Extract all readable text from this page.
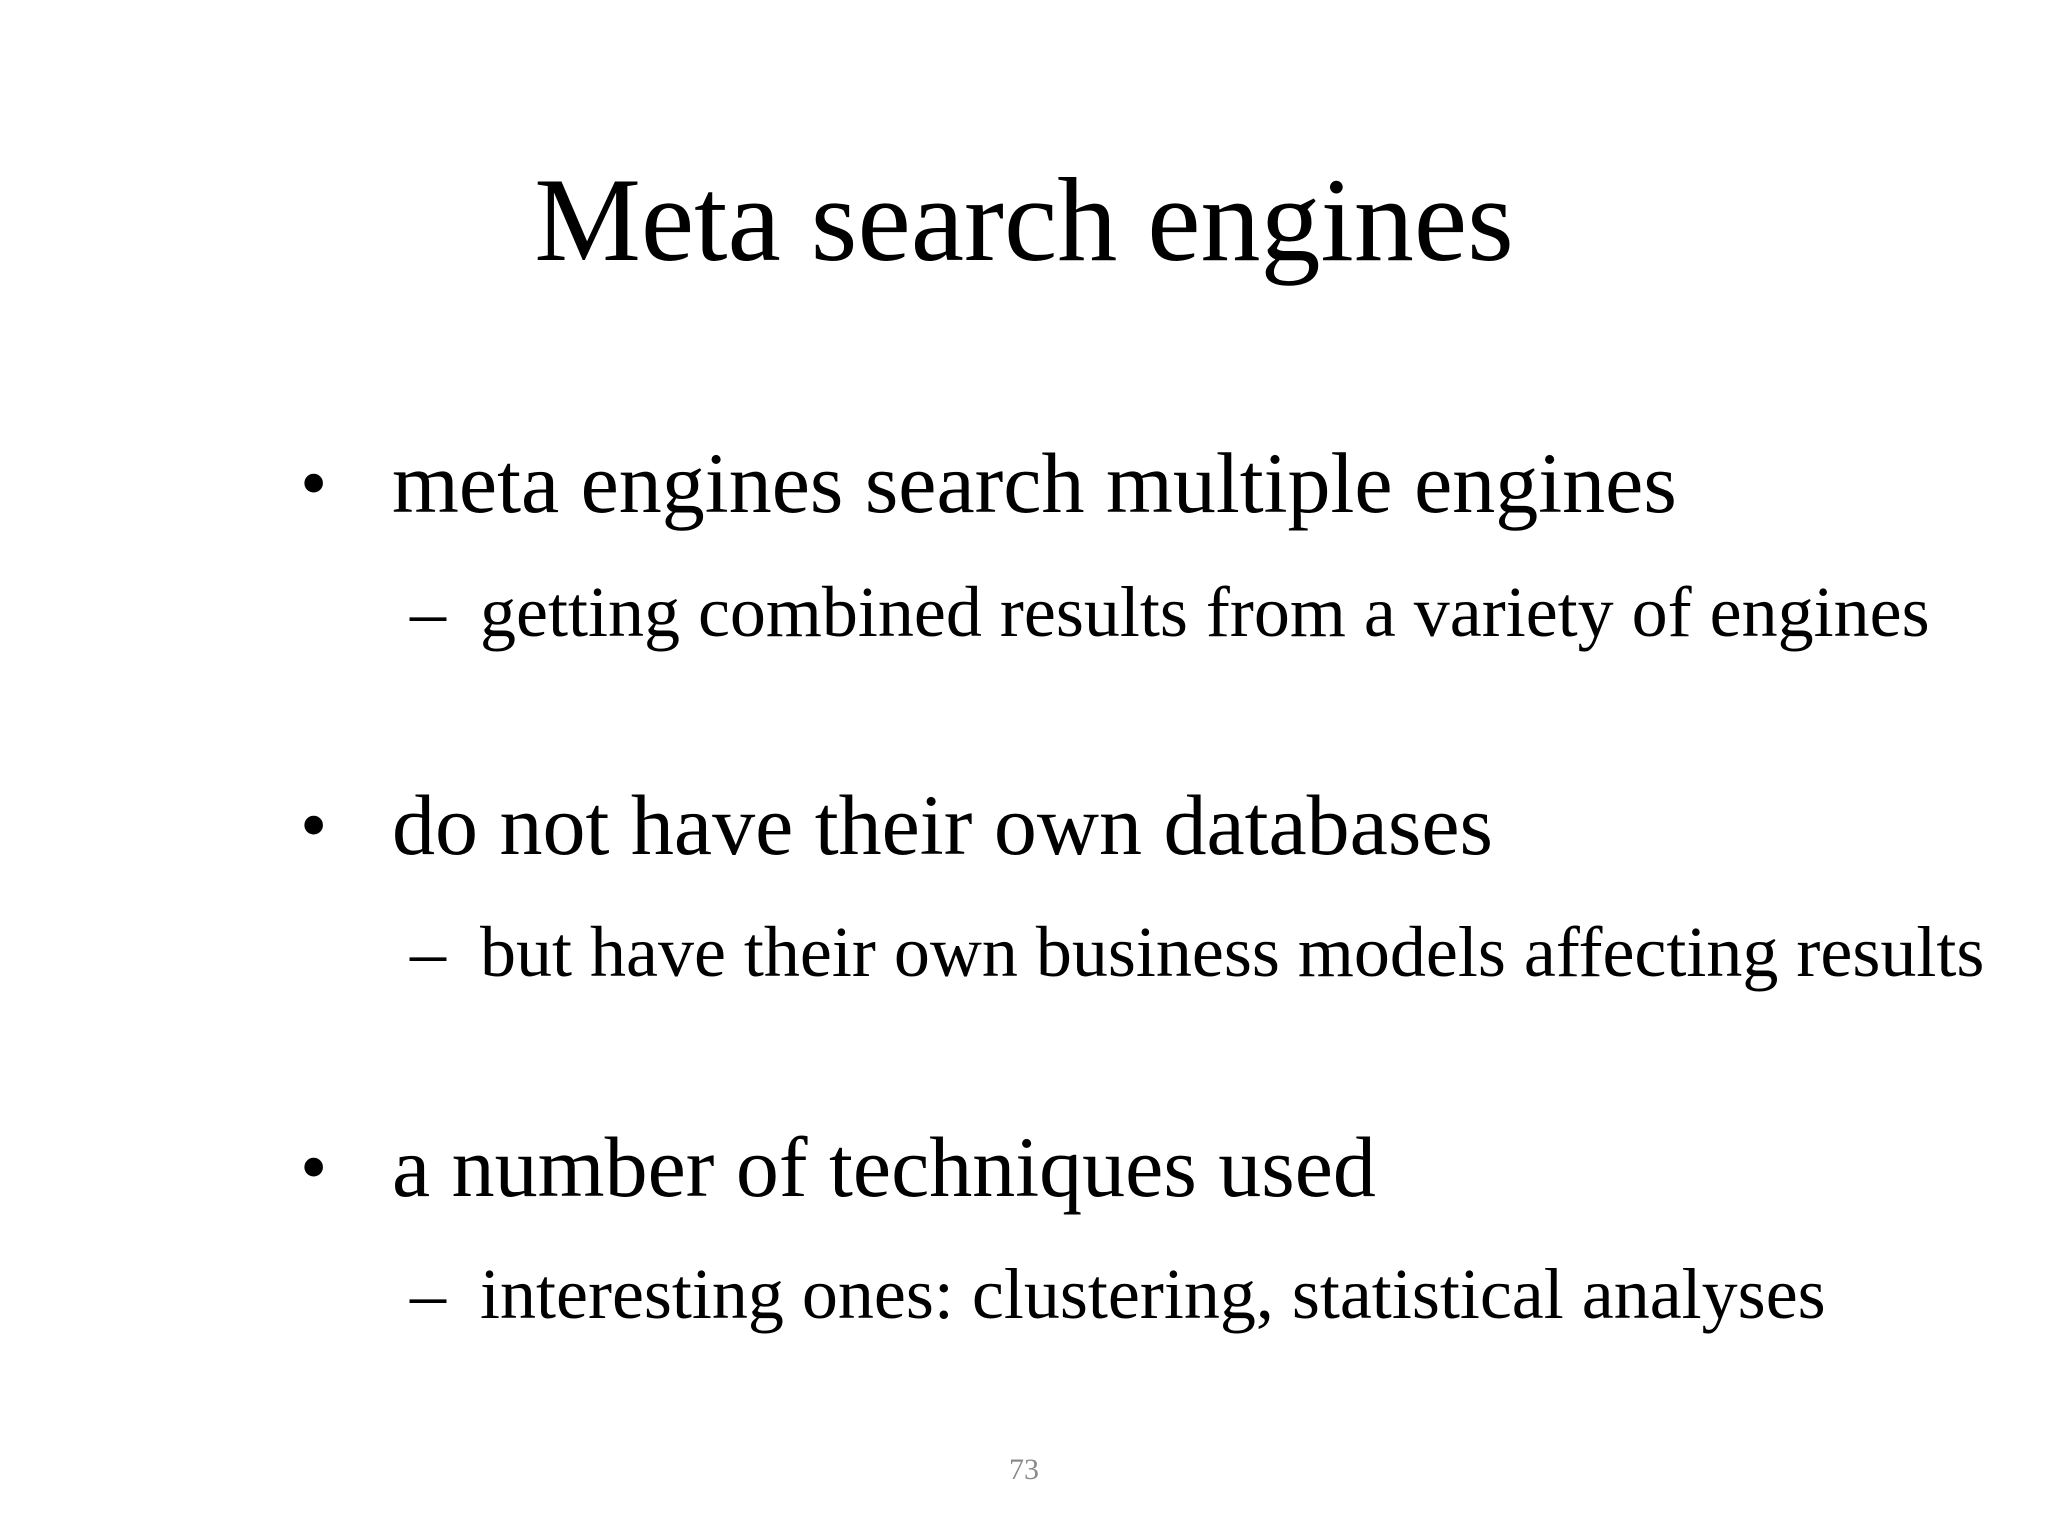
Meta search engines
• meta engines search multiple engines
– getting combined results from a variety of engines
• do not have their own databases
– but have their own business models affecting results
• a number of techniques used
– interesting ones: clustering, statistical analyses
73
